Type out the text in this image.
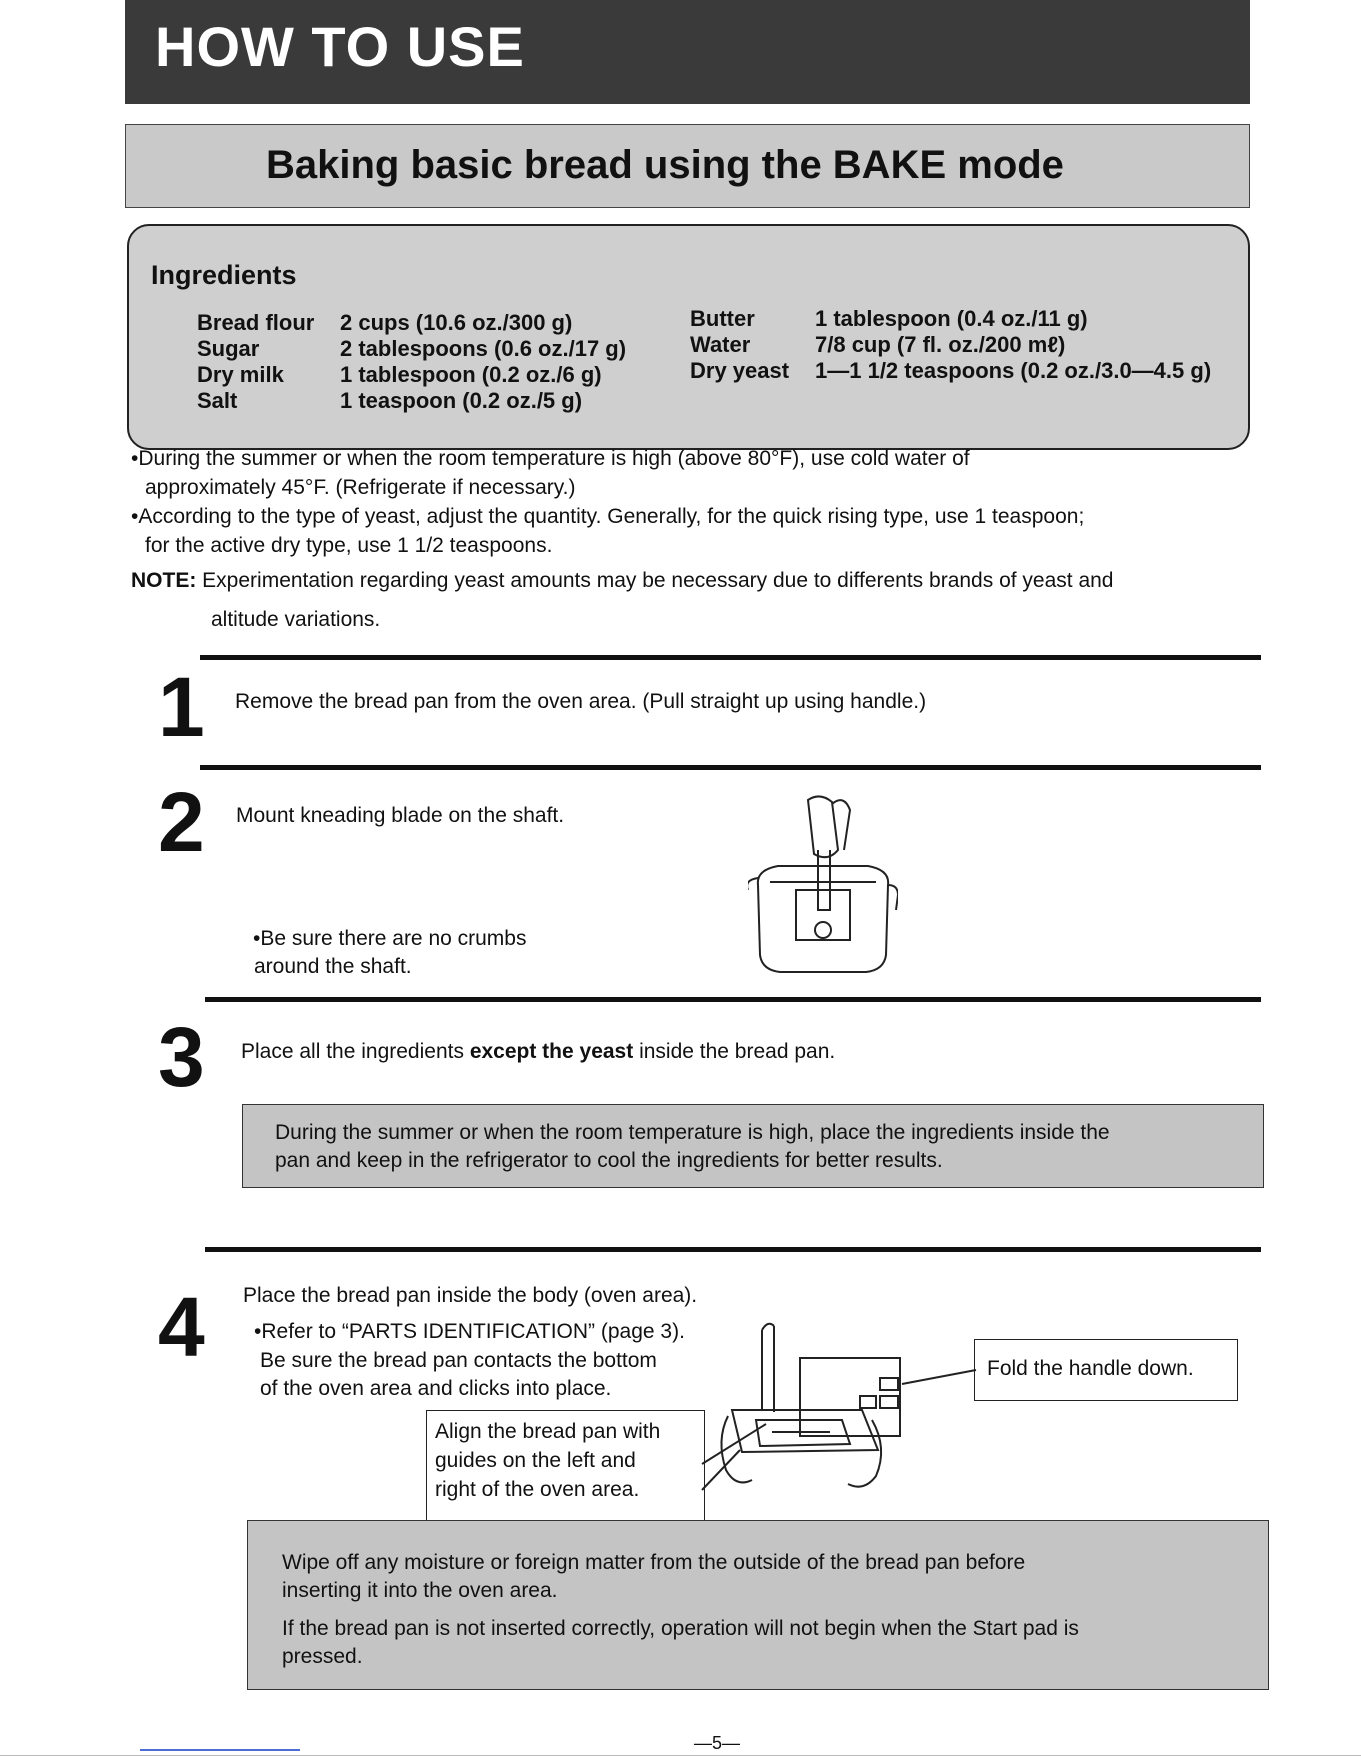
HOW TO USE
Baking basic bread using the BAKE mode
Ingredients
Bread flour 2 cups (10.6 oz./300 g)
Sugar	2 tablespoons (0.6 oz./17 g)
Dry milk	1 tablespoon (0.2 oz./6 g)
Salt	1 teaspoon (0.2 oz./5 g)
Butter	1 tablespoon (0.4 oz./11 g)
Water	7/8 cup (7 fl. oz./200 mℓ)
Dry yeast 1—1 1/2 teaspoons (0.2 oz./3.0—4.5 g)
•During the summer or when the room temperature is high (above 80°F), use cold water of
approximately 45°F. (Refrigerate if necessary.)
•According to the type of yeast, adjust the quantity. Generally, for the quick rising type, use 1 teaspoon;
for the active dry type, use 1 1/2 teaspoons.
NOTE: Experimentation regarding yeast amounts may be necessary due to differents brands of yeast and
altitude variations.
1 Remove the bread pan from the oven area. (Pull straight up using handle.)
2 Mount kneading blade on the shaft.
•Be sure there are no crumbs
around the shaft.
3 Place all the ingredients except the yeast inside the bread pan.
During the summer or when the room temperature is high, place the ingredients inside the
pan and keep in the refrigerator to cool the ingredients for better results.
4 Place the bread pan inside the body (oven area).
•Refer to “PARTS IDENTIFICATION” (page 3).
Be sure the bread pan contacts the bottom
of the oven area and clicks into place.
Align the bread pan with
guides on the left and
right of the oven area.
Fold the handle down.
Wipe off any moisture or foreign matter from the outside of the bread pan before
inserting it into the oven area.
If the bread pan is not inserted correctly, operation will not begin when the Start pad is
pressed.
—5—
